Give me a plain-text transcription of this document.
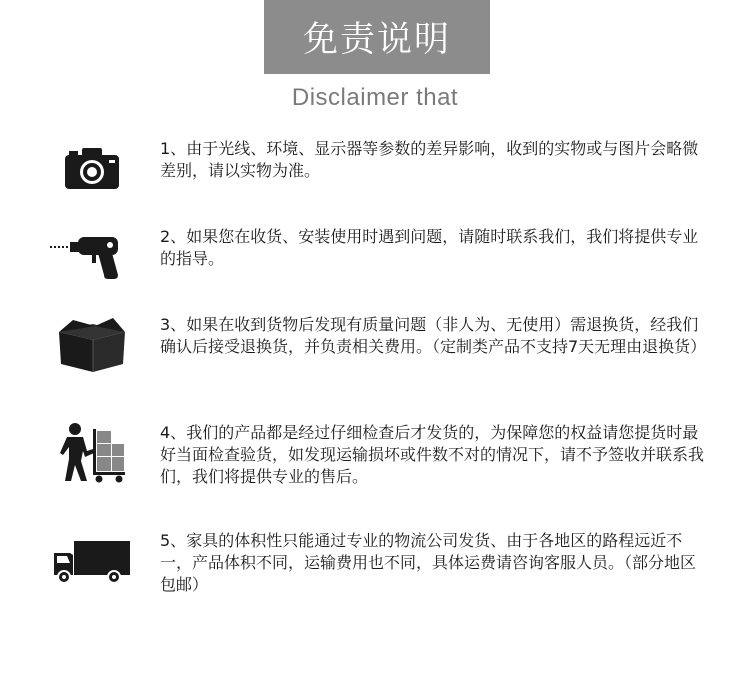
免责说明
Disclaimer that

1、由于光线、环境、显示器等参数的差异影响，收到的实物或与图片会略微差别，请以实物为准。

2、如果您在收货、安装使用时遇到问题，请随时联系我们，我们将提供专业的指导。

3、如果在收到货物后发现有质量问题（非人为、无使用）需退换货，经我们确认后接受退换货，并负责相关费用。（定制类产品不支持7天无理由退换货）

4、我们的产品都是经过仔细检查后才发货的，为保障您的权益请您提货时最好当面检查验货，如发现运输损坏或件数不对的情况下，请不予签收并联系我们，我们将提供专业的售后。

5、家具的体积性只能通过专业的物流公司发货、由于各地区的路程远近不一，产品体积不同，运输费用也不同，具体运费请咨询客服人员。（部分地区包邮）
